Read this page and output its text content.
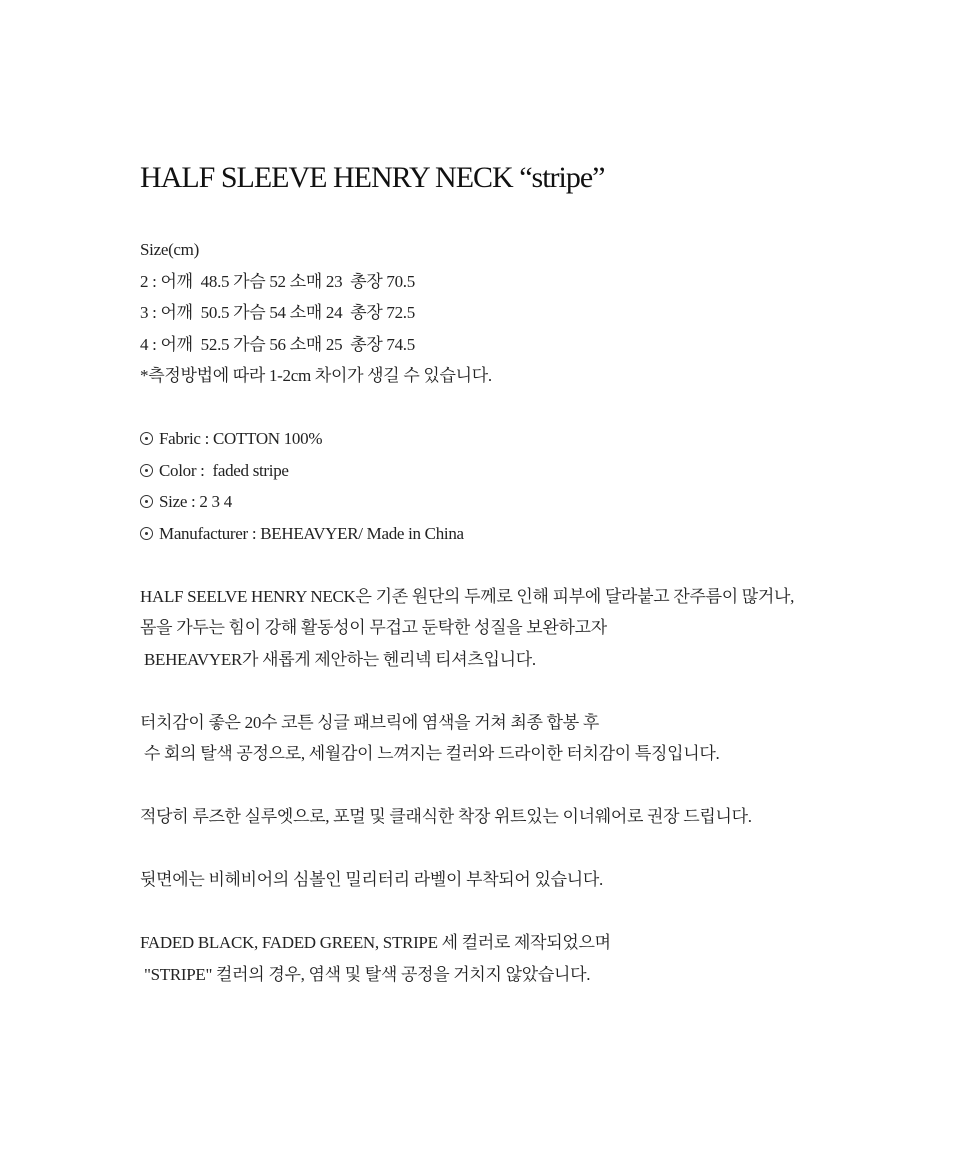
HALF SLEEVE HENRY NECK “stripe”
Size(cm)
2 : 어깨  48.5 가슴 52 소매 23  총장 70.5
3 : 어깨  50.5 가슴 54 소매 24  총장 72.5
4 : 어깨  52.5 가슴 56 소매 25  총장 74.5
*측정방법에 따라 1-2cm 차이가 생길 수 있습니다.
Fabric : COTTON 100%
Color :  faded stripe
Size : 2 3 4
Manufacturer : BEHEAVYER/ Made in China
HALF SEELVE HENRY NECK은 기존 원단의 두께로 인해 피부에 달라붙고 잔주름이 많거나,
몸을 가두는 힘이 강해 활동성이 무겁고 둔탁한 성질을 보완하고자
BEHEAVYER가 새롭게 제안하는 헨리넥 티셔츠입니다.
터치감이 좋은 20수 코튼 싱글 패브릭에 염색을 거쳐 최종 합봉 후
수 회의 탈색 공정으로, 세월감이 느껴지는 컬러와 드라이한 터치감이 특징입니다.
적당히 루즈한 실루엣으로, 포멀 및 클래식한 착장 위트있는 이너웨어로 권장 드립니다.
뒷면에는 비헤비어의 심볼인 밀리터리 라벨이 부착되어 있습니다.
FADED BLACK, FADED GREEN, STRIPE 세 컬러로 제작되었으며
"STRIPE" 컬러의 경우, 염색 및 탈색 공정을 거치지 않았습니다.
